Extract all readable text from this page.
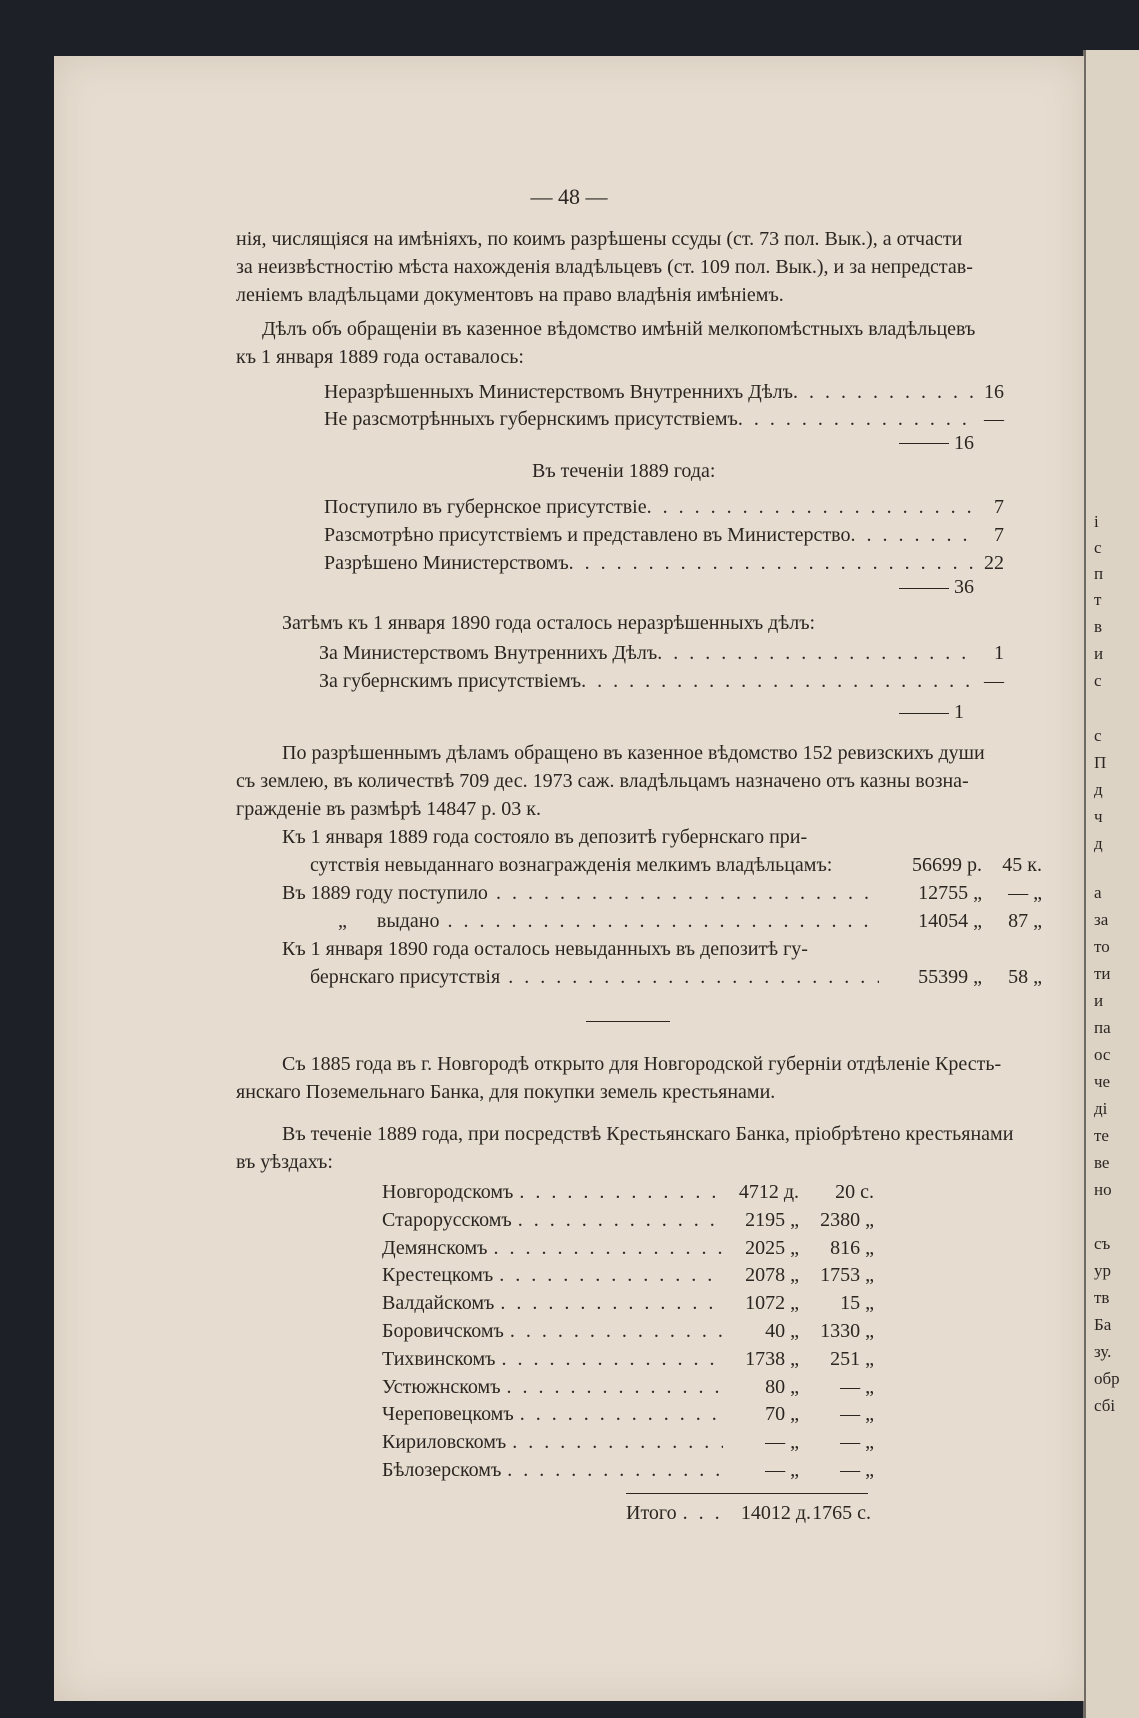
і
с
п
т
в
и
с
с
П
д
ч
д
а
за
то
ти
и
па
ос
че
ді
те
ве
но
съ
ур
тв
Ба
зу.
обр
сбі
— 48 —
нія, числящіяся на имѣніяхъ, по коимъ разрѣшены ссуды (ст. 73 пол. Вык.), а отчасти
за неизвѣстностію мѣста нахожденія владѣльцевъ (ст. 109 пол. Вык.), и за непредстав-
леніемъ владѣльцами документовъ на право владѣнія имѣніемъ.
Дѣлъ объ обращеніи въ казенное вѣдомство имѣній мелкопомѣстныхъ владѣльцевъ
къ 1 января 1889 года оставалось:
Неразрѣшенныхъ Министерствомъ Внутреннихъ Дѣлъ . . .	16
Не разсмотрѣнныхъ губернскимъ присутствіемъ . . .	—
16
Въ теченіи 1889 года:
Поступило въ губернское присутствіе . . .	7
Разсмотрѣно присутствіемъ и представлено въ Министерство . . .	7
Разрѣшено Министерствомъ . . .	22
36
Затѣмъ къ 1 января 1890 года осталось неразрѣшенныхъ дѣлъ:
За Министерствомъ Внутреннихъ Дѣлъ . . .	1
За губернскимъ присутствіемъ . . .	—
1
По разрѣшеннымъ дѣламъ обращено въ казенное вѣдомство 152 ревизскихъ души
съ землею, въ количествѣ 709 дес. 1973 саж. владѣльцамъ назначено отъ казны возна-
гражденіе въ размѣрѣ 14847 р. 03 к.
Къ 1 января 1889 года состояло въ депозитѣ губернскаго при-
сутствія невыданнаго вознагражденія мелкимъ владѣльцамъ:	56699 р.	45 к.
Въ 1889 году поступило . . .	12755 „	— „
„      выдано . . .	14054 „	87 „
Къ 1 января 1890 года осталось невыданныхъ въ депозитѣ гу-
бернскаго присутствія . . .	55399 „	58 „
Съ 1885 года въ г. Новгородѣ открыто для Новгородской губерніи отдѣленіе Кресть-
янскаго Поземельнаго Банка, для покупки земель крестьянами.
Въ теченіе 1889 года, при посредствѣ Крестьянскаго Банка, пріобрѣтено крестьянами
въ уѣздахъ:
Новгородскомъ . . .	4712 д.	20 с.
Старорусскомъ . . .	2195 „	2380 „
Демянскомъ . . .	2025 „	816 „
Крестецкомъ . . .	2078 „	1753 „
Валдайскомъ . . .	1072 „	15 „
Боровичскомъ . . .	40 „	1330 „
Тихвинскомъ . . .	1738 „	251 „
Устюжнскомъ . . .	80 „	— „
Череповецкомъ . . .	70 „	— „
Кириловскомъ . . .	— „	— „
Бѣлозерскомъ . . .	— „	— „
Итого . . .	14012 д. 1765 с.
